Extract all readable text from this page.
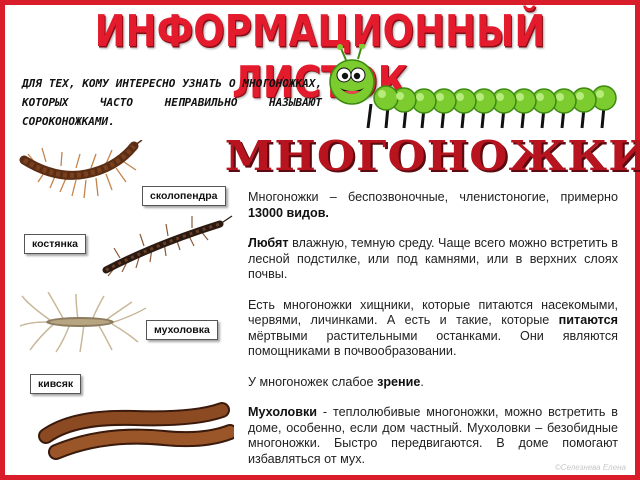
ИНФОРМАЦИОННЫЙ ЛИСТОК
ДЛЯ ТЕХ, КОМУ ИНТЕРЕСНО УЗНАТЬ О МНОГОНОЖКАХ, КОТОРЫХ ЧАСТО НЕПРАВИЛЬНО НАЗЫВАЮТ СОРОКОНОЖКАМИ.
МНОГОНОЖКИ
сколопендра
костянка
мухоловка
кивсяк

Многоножки – беспозвоночные, членистоногие, примерно 13000 видов.

Любят влажную, темную среду. Чаще всего можно встретить в лесной подстилке, или под камнями, или в верхних слоях почвы.

Есть многоножки хищники, которые питаются насекомыми, червями, личинками. А есть и такие, которые питаются мёртвыми растительными останками. Они являются помощниками в почвообразовании.

У многоножек слабое зрение.

Мухоловки - теплолюбивые многоножки, можно встретить в доме, особенно, если дом частный. Мухоловки – безобидные многоножки. Быстро передвигаются. В доме помогают избавляться от мух.

©Селезнева Елена
